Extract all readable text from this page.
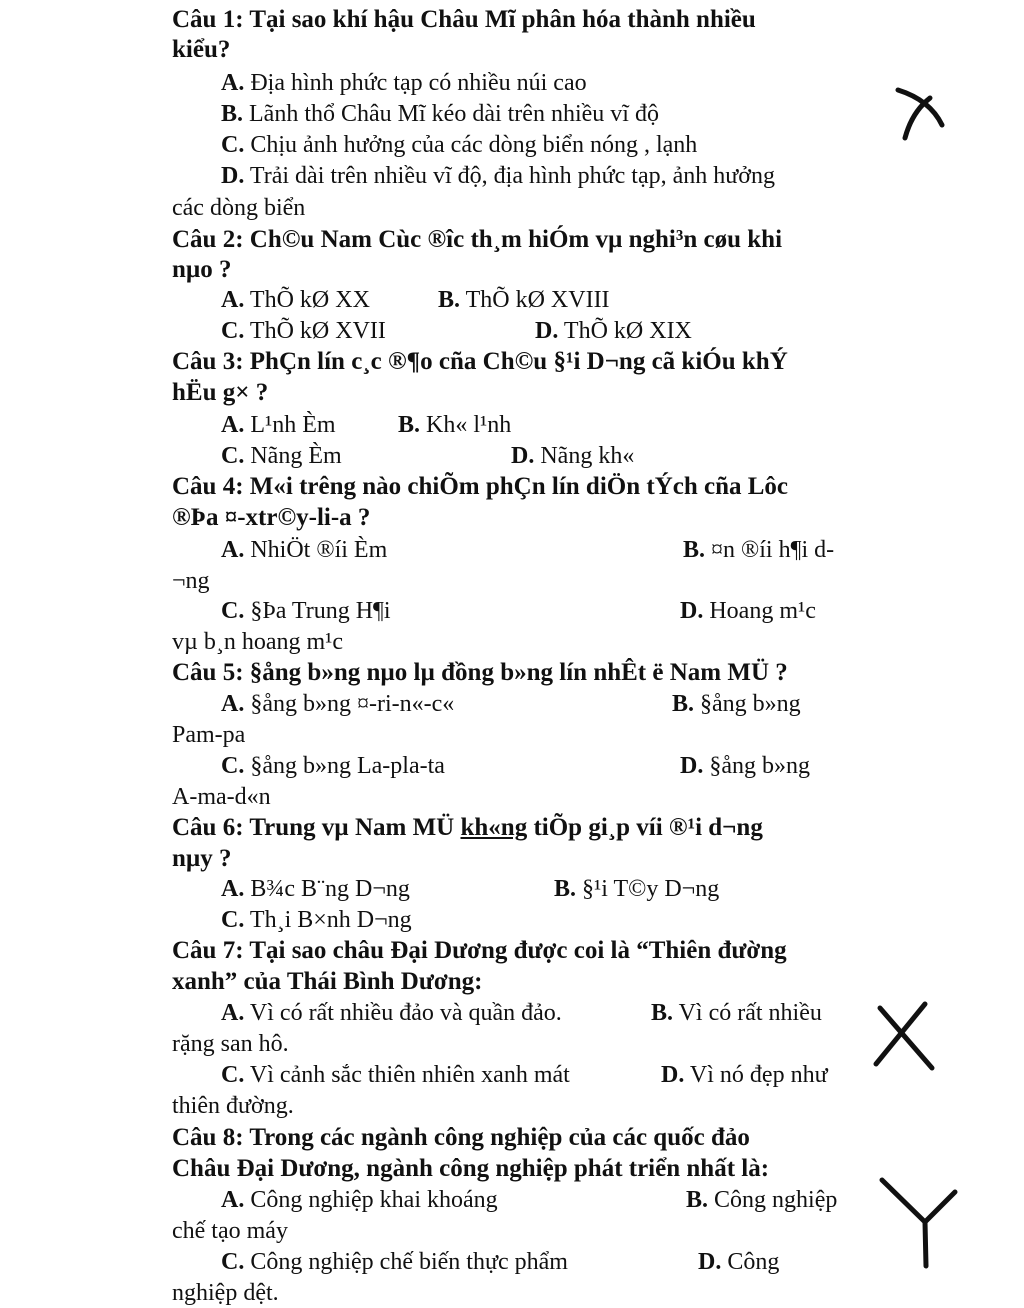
Câu 1: Tại sao khí hậu Châu Mĩ phân hóa thành nhiều
kiểu?
A. Địa hình phức tạp có nhiều núi cao
B. Lãnh thổ Châu Mĩ kéo dài trên nhiều vĩ độ
C. Chịu ảnh hưởng của các dòng biển nóng , lạnh
D. Trải dài trên nhiều vĩ độ, địa hình phức tạp, ảnh hưởng
các dòng biển
Câu 2: Ch©u Nam Cùc ®îc th¸m hiÓm vµ nghi³n cøu khi
nµo ?
A. ThÕ kØ XX	B. ThÕ kØ XVIII
C. ThÕ kØ XVII	D. ThÕ kØ XIX
Câu 3: PhÇn lín c¸c ®¶o cña Ch©u §¹i D¬ng cã kiÓu khÝ
hËu g× ?
A. L¹nh Èm	B. Kh« l¹nh
C. Nãng Èm	D. Nãng kh«
Câu 4: M«i trêng nào chiÕm phÇn lín diÖn tÝch cña Lôc
®Þa ¤-xtr©y-li-a ?
A. NhiÖt ®íi Èm	B. ¤n ®íi h¶i d-
¬ng
C. §Þa Trung H¶i	D. Hoang m¹c
vµ b¸n hoang m¹c
Câu 5: §ång b»ng nµo lµ đồng b»ng lín nhÊt ë Nam MÜ ?
A. §ång b»ng ¤-ri-n«-c«	B. §ång b»ng
Pam-pa
C. §ång b»ng La-pla-ta	D. §ång b»ng
A-ma-d«n
Câu 6: Trung vµ Nam MÜ kh«ng tiÕp gi¸p víi ®¹i d¬ng
nµy ?
A. B¾c B¨ng D¬ng	B. §¹i T©y D¬ng
C. Th¸i B×nh D¬ng
Câu 7: Tại sao châu Đại Dương được coi là “Thiên đường
xanh” của Thái Bình Dương:
A. Vì có rất nhiều đảo và quần đảo.	B. Vì có rất nhiều
rặng san hô.
C. Vì cảnh sắc thiên nhiên xanh mát	D. Vì nó đẹp như
thiên đường.
Câu 8: Trong các ngành công nghiệp của các quốc đảo
Châu Đại Dương, ngành công nghiệp phát triển nhất là:
A. Công nghiệp khai khoáng	B. Công nghiệp
chế tạo máy
C. Công nghiệp chế biến thực phẩm	D. Công
nghiệp dệt.
